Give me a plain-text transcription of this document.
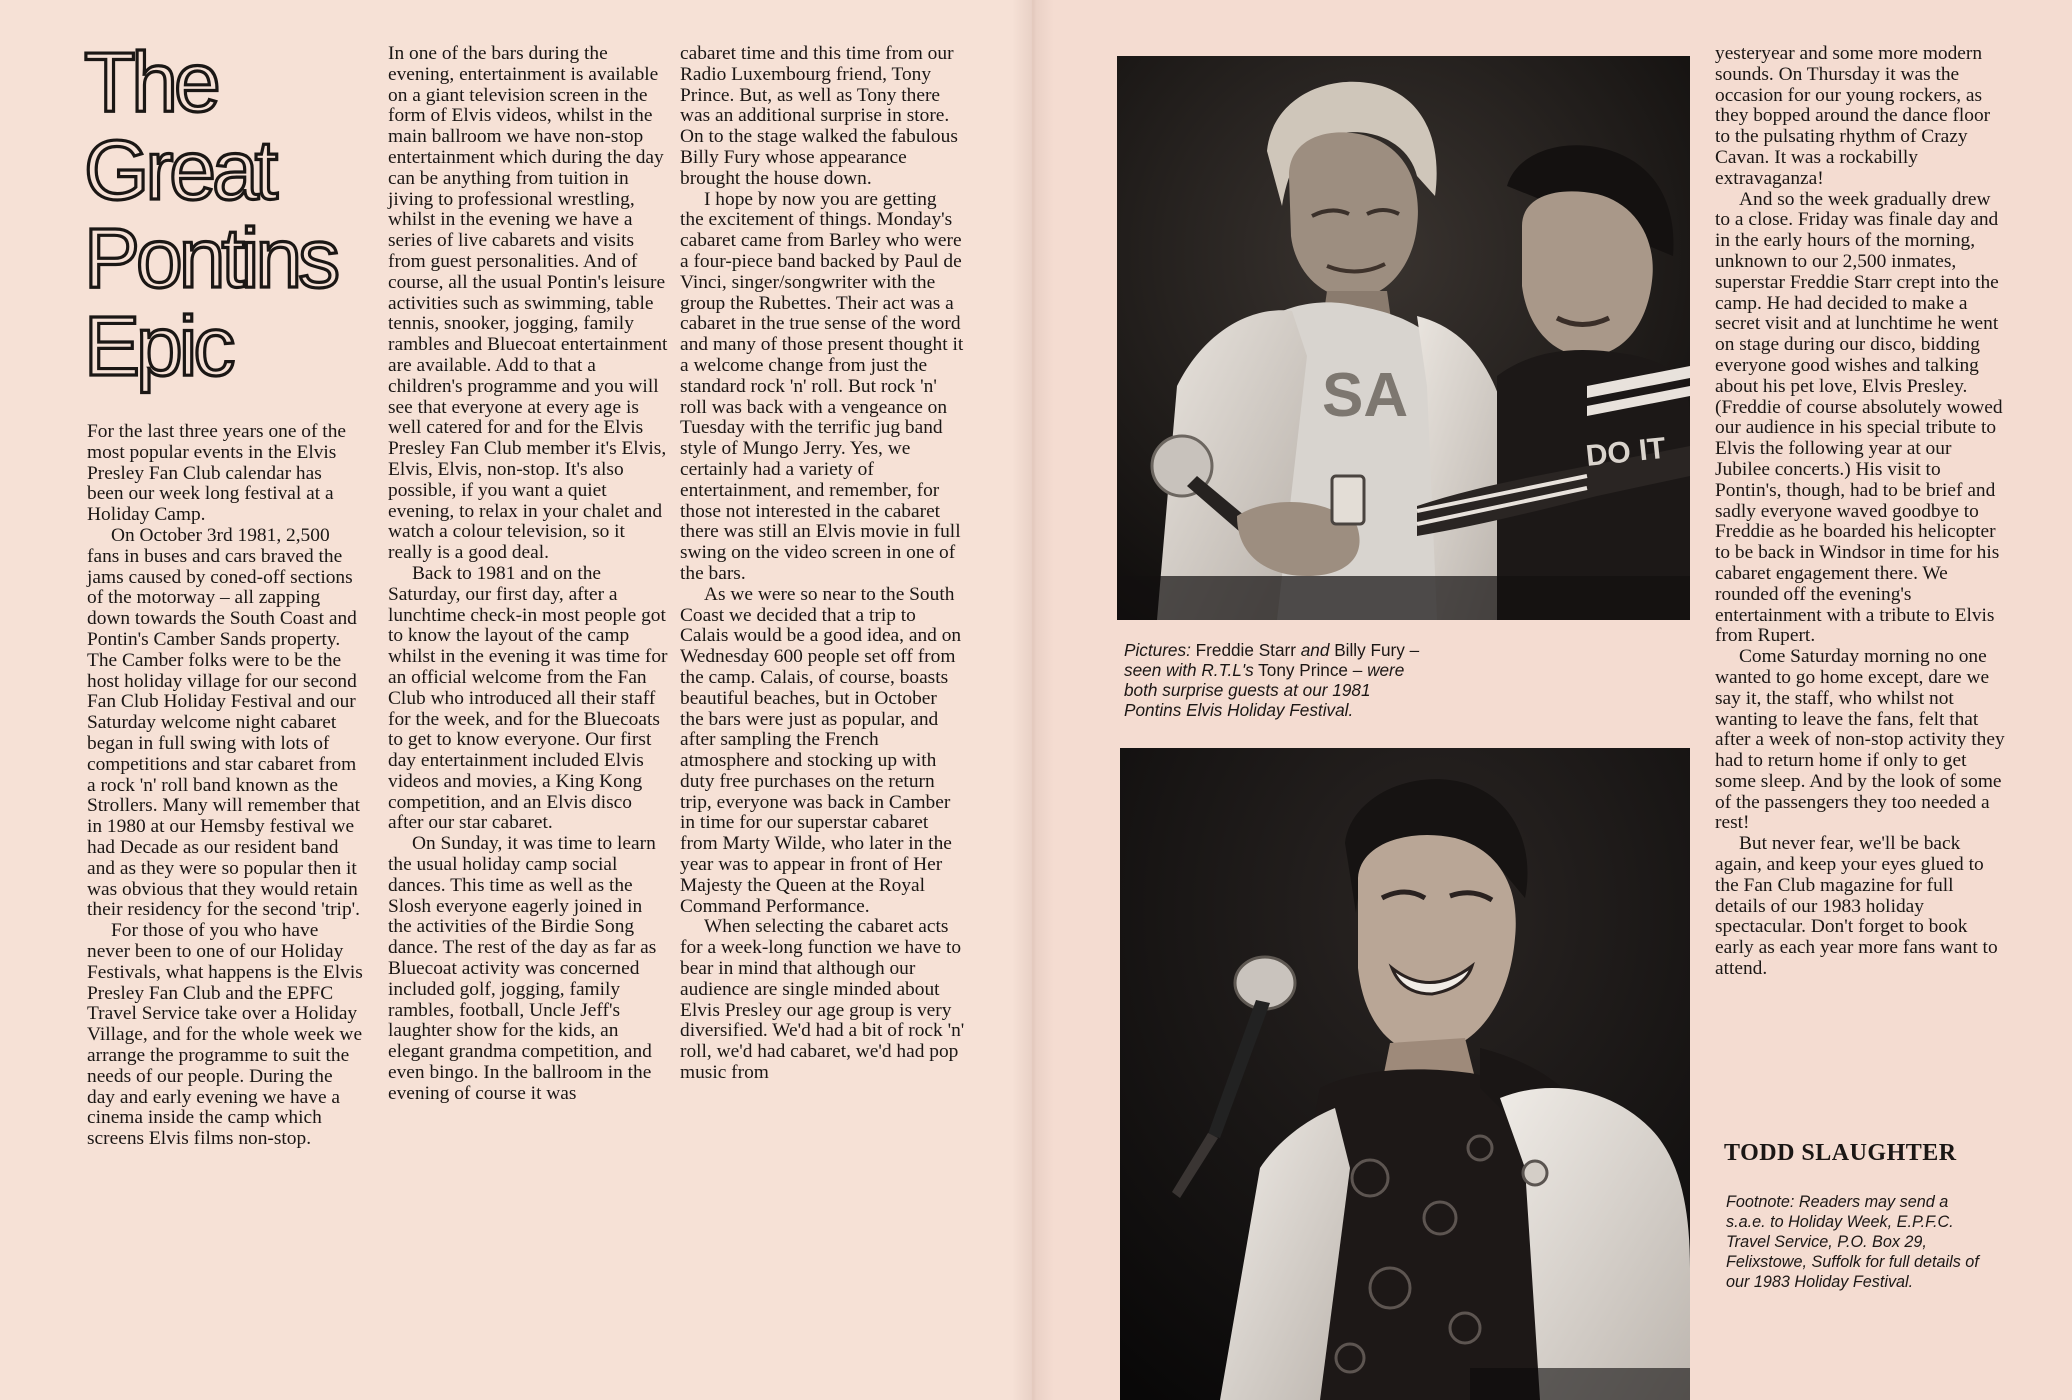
The
Great
Pontins
Epic

For the last three years one of the most popular events in the Elvis Presley Fan Club calendar has been our week long festival at a Holiday Camp.

On October 3rd 1981, 2,500 fans in buses and cars braved the jams caused by coned-off sections of the motorway – all zapping down towards the South Coast and Pontin's Camber Sands property. The Camber folks were to be the host holiday village for our second Fan Club Holiday Festival and our Saturday welcome night cabaret began in full swing with lots of competitions and star cabaret from a rock 'n' roll band known as the Strollers. Many will remember that in 1980 at our Hemsby festival we had Decade as our resident band and as they were so popular then it was obvious that they would retain their residency for the second 'trip'.

For those of you who have never been to one of our Holiday Festivals, what happens is the Elvis Presley Fan Club and the EPFC Travel Service take over a Holiday Village, and for the whole week we arrange the programme to suit the needs of our people. During the day and early evening we have a cinema inside the camp which screens Elvis films non-stop.

In one of the bars during the evening, entertainment is available on a giant television screen in the form of Elvis videos, whilst in the main ballroom we have non-stop entertainment which during the day can be anything from tuition in jiving to professional wrestling, whilst in the evening we have a series of live cabarets and visits from guest personalities. And of course, all the usual Pontin's leisure activities such as swimming, table tennis, snooker, jogging, family rambles and Bluecoat entertainment are available. Add to that a children's programme and you will see that everyone at every age is well catered for and for the Elvis Presley Fan Club member it's Elvis, Elvis, Elvis, non-stop. It's also possible, if you want a quiet evening, to relax in your chalet and watch a colour television, so it really is a good deal.

Back to 1981 and on the Saturday, our first day, after a lunchtime check-in most people got to know the layout of the camp whilst in the evening it was time for an official welcome from the Fan Club who introduced all their staff for the week, and for the Bluecoats to get to know everyone. Our first day entertainment included Elvis videos and movies, a King Kong competition, and an Elvis disco after our star cabaret.

On Sunday, it was time to learn the usual holiday camp social dances. This time as well as the Slosh everyone eagerly joined in the activities of the Birdie Song dance. The rest of the day as far as Bluecoat activity was concerned included golf, jogging, family rambles, football, Uncle Jeff's laughter show for the kids, an elegant grandma competition, and even bingo. In the ballroom in the evening of course it was

cabaret time and this time from our Radio Luxembourg friend, Tony Prince. But, as well as Tony there was an additional surprise in store. On to the stage walked the fabulous Billy Fury whose appearance brought the house down.

I hope by now you are getting the excitement of things. Monday's cabaret came from Barley who were a four-piece band backed by Paul de Vinci, singer/songwriter with the group the Rubettes. Their act was a cabaret in the true sense of the word and many of those present thought it a welcome change from just the standard rock 'n' roll. But rock 'n' roll was back with a vengeance on Tuesday with the terrific jug band style of Mungo Jerry. Yes, we certainly had a variety of entertainment, and remember, for those not interested in the cabaret there was still an Elvis movie in full swing on the video screen in one of the bars.

As we were so near to the South Coast we decided that a trip to Calais would be a good idea, and on Wednesday 600 people set off from the camp. Calais, of course, boasts beautiful beaches, but in October the bars were just as popular, and after sampling the French atmosphere and stocking up with duty free purchases on the return trip, everyone was back in Camber in time for our superstar cabaret from Marty Wilde, who later in the year was to appear in front of Her Majesty the Queen at the Royal Command Performance.

When selecting the cabaret acts for a week-long function we have to bear in mind that although our audience are single minded about Elvis Presley our age group is very diversified. We'd had a bit of rock 'n' roll, we'd had cabaret, we'd had pop music from

SA
DO IT
Pictures: Freddie Starr and Billy Fury – seen with R.T.L's Tony Prince – were both surprise guests at our 1981 Pontins Elvis Holiday Festival.

yesteryear and some more modern sounds. On Thursday it was the occasion for our young rockers, as they bopped around the dance floor to the pulsating rhythm of Crazy Cavan. It was a rockabilly extravaganza!

And so the week gradually drew to a close. Friday was finale day and in the early hours of the morning, unknown to our 2,500 inmates, superstar Freddie Starr crept into the camp. He had decided to make a secret visit and at lunchtime he went on stage during our disco, bidding everyone good wishes and talking about his pet love, Elvis Presley. (Freddie of course absolutely wowed our audience in his special tribute to Elvis the following year at our Jubilee concerts.) His visit to Pontin's, though, had to be brief and sadly everyone waved goodbye to Freddie as he boarded his helicopter to be back in Windsor in time for his cabaret engagement there. We rounded off the evening's entertainment with a tribute to Elvis from Rupert.

Come Saturday morning no one wanted to go home except, dare we say it, the staff, who whilst not wanting to leave the fans, felt that after a week of non-stop activity they had to return home if only to get some sleep. And by the look of some of the passengers they too needed a rest!

But never fear, we'll be back again, and keep your eyes glued to the Fan Club magazine for full details of our 1983 holiday spectacular. Don't forget to book early as each year more fans want to attend.

TODD SLAUGHTER
Footnote: Readers may send a s.a.e. to Holiday Week, E.P.F.C. Travel Service, P.O. Box 29, Felixstowe, Suffolk for full details of our 1983 Holiday Festival.
